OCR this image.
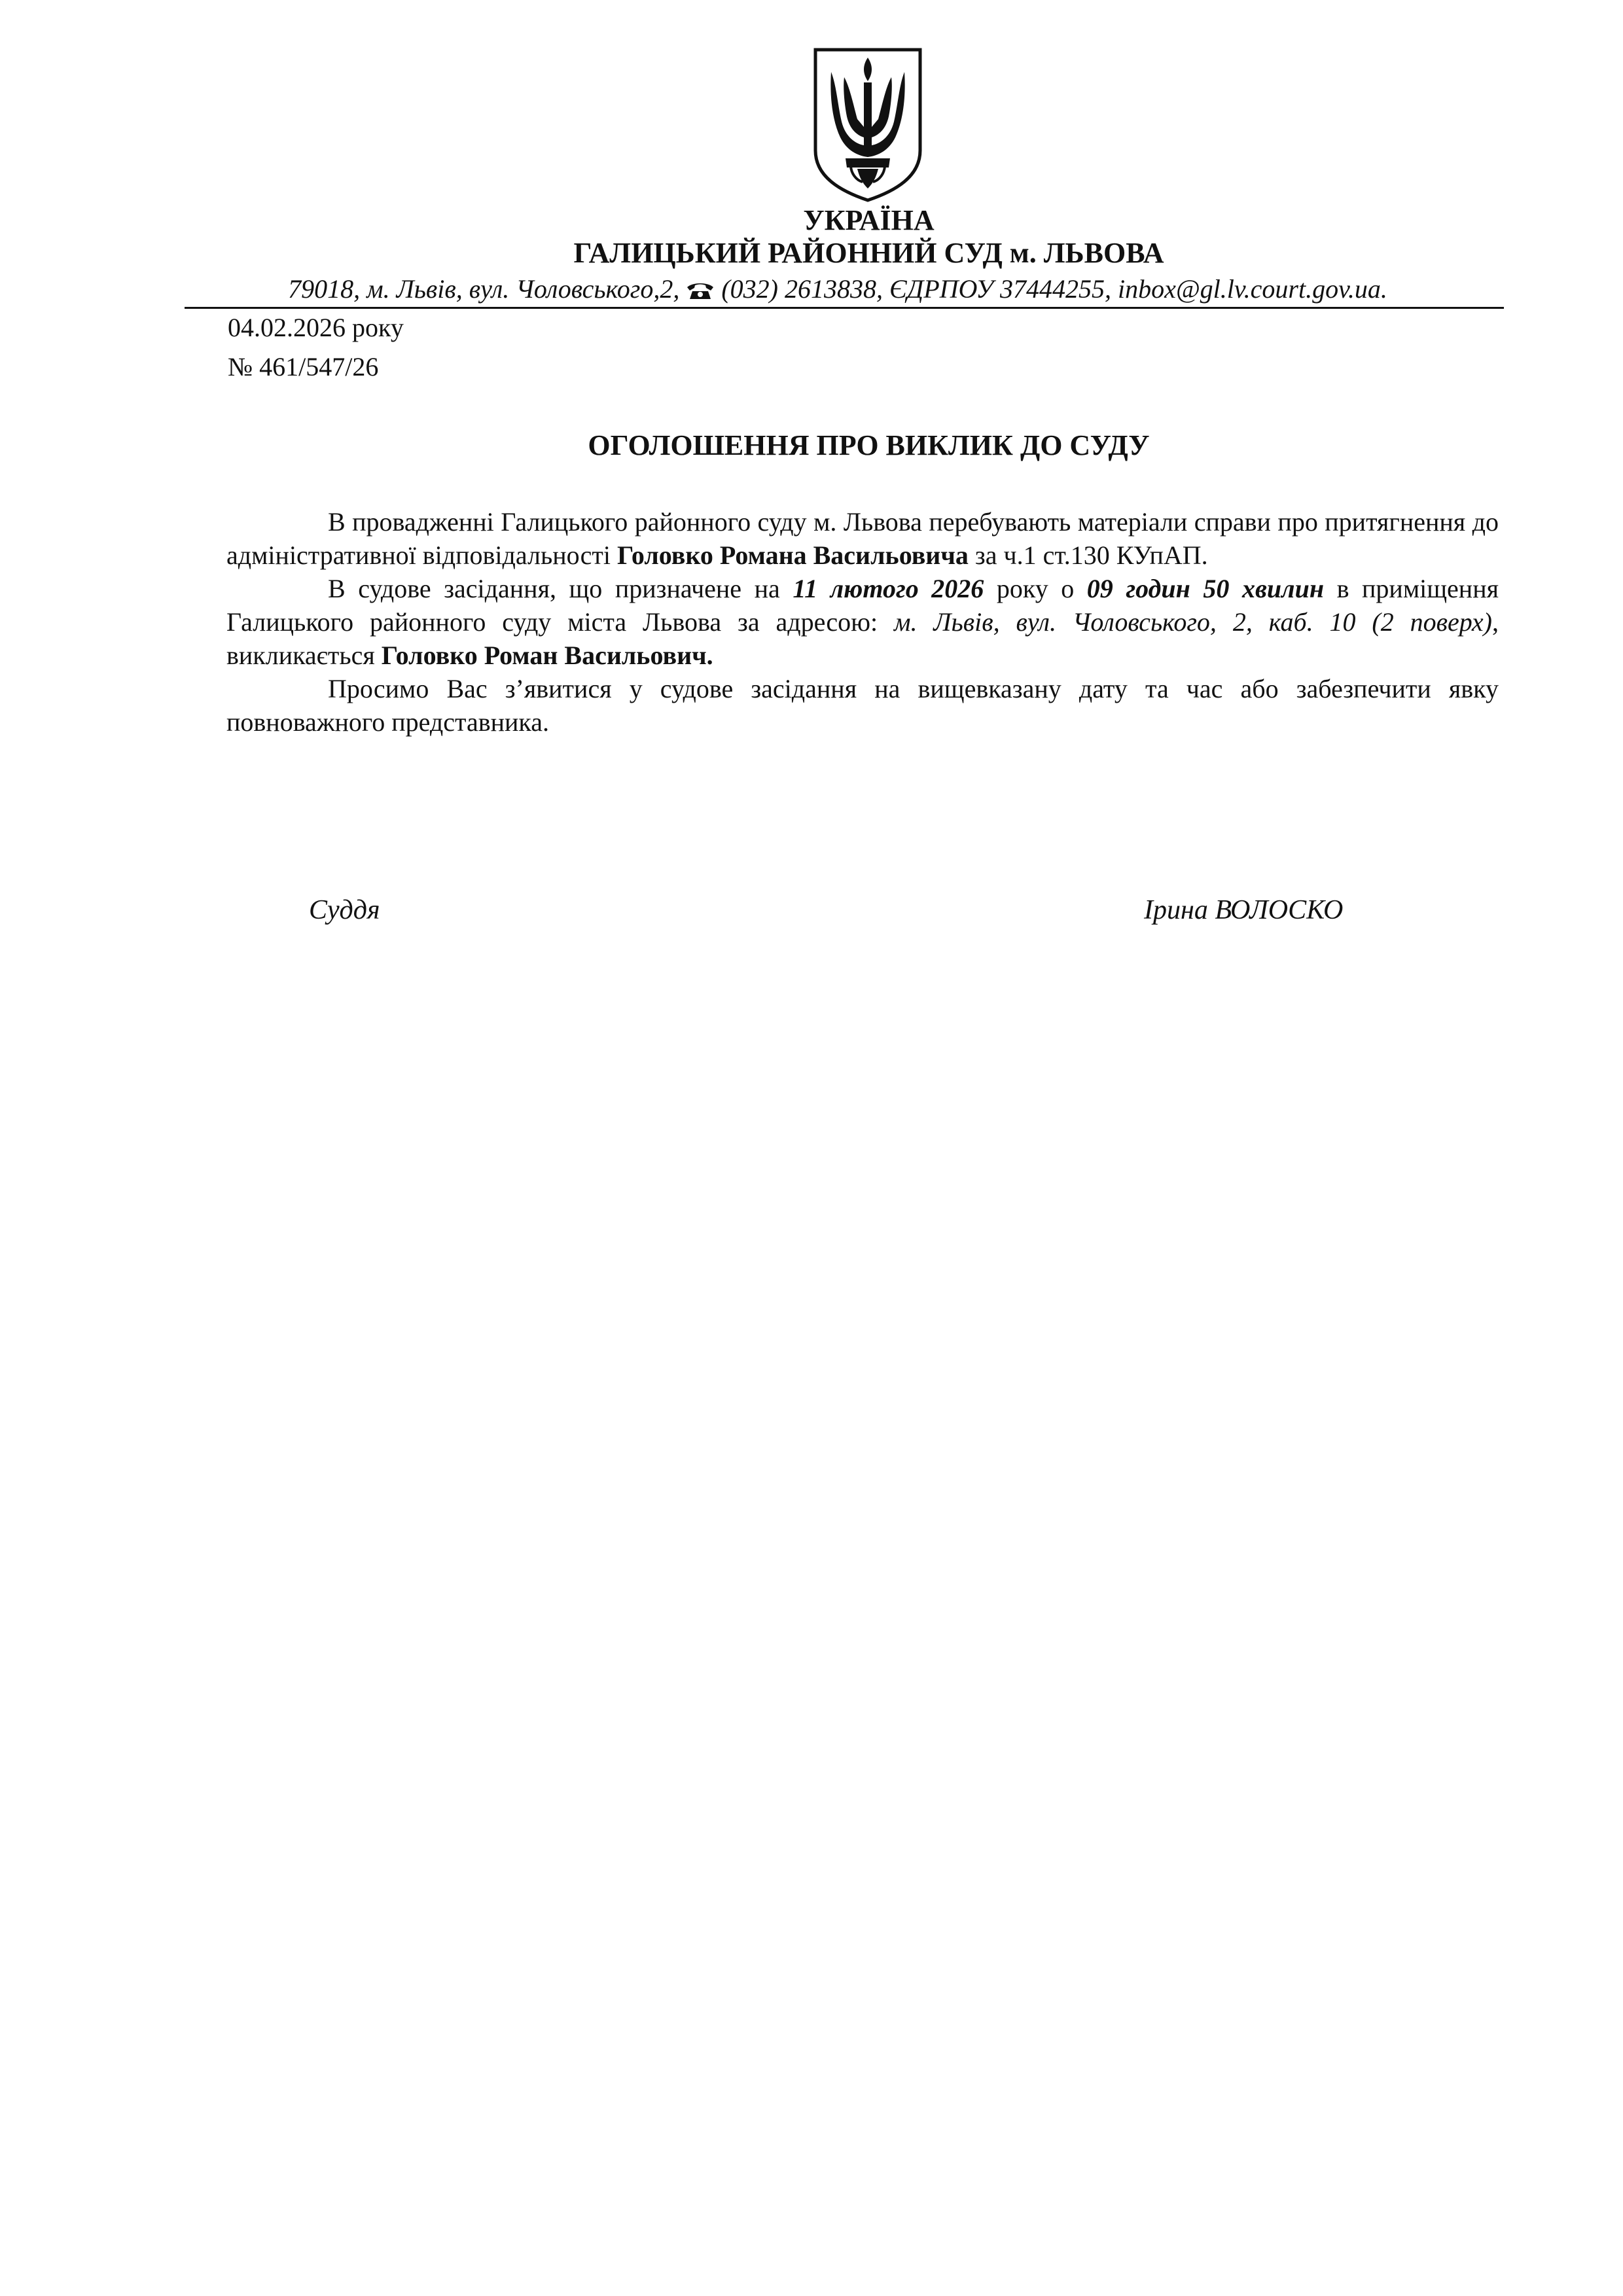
УКРАЇНА
ГАЛИЦЬКИЙ РАЙОННИЙ СУД м. ЛЬВОВА
79018, м. Львів, вул. Чоловського,2,  (032) 2613838, ЄДРПОУ 37444255, inbox@gl.lv.court.gov.ua.
04.02.2026 року
№ 461/547/26
ОГОЛОШЕННЯ ПРО ВИКЛИК ДО СУДУ

В провадженні Галицького районного суду м. Львова перебувають матеріали справи про притягнення до адміністративної відповідальності Головко Романа Васильовича за ч.1 ст.130 КУпАП.

В судове засідання, що призначене на 11 лютого 2026 року о 09 годин 50 хвилин в приміщення Галицького районного суду міста Львова за адресою: м. Львів, вул. Чоловського, 2, каб. 10 (2 поверх), викликається Головко Роман Васильович.

Просимо Вас з’явитися у судове засідання на вищевказану дату та час або забезпечити явку повноважного представника.

Суддя	Ірина ВОЛОСКО
